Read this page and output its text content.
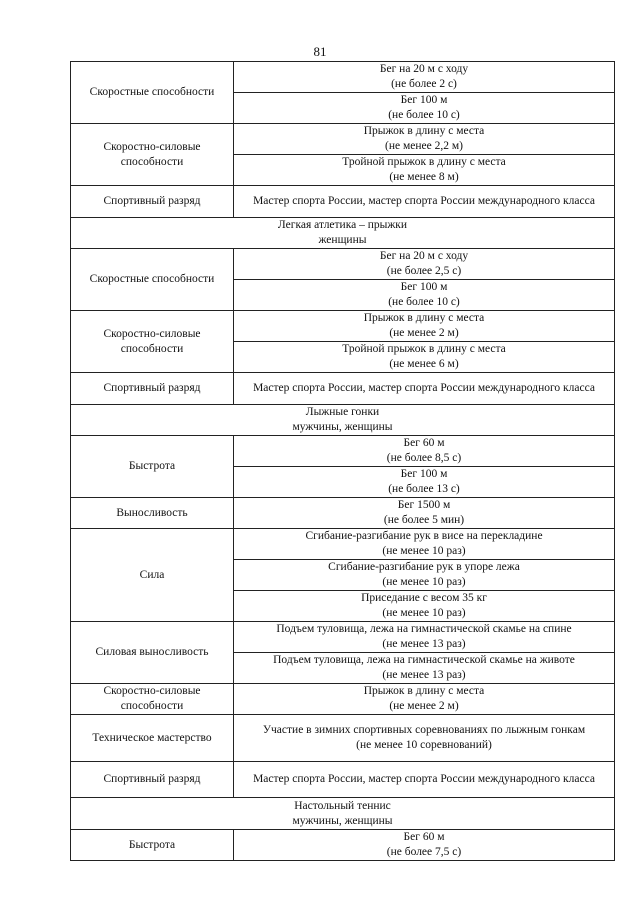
81
Скоростные способности	Бег на 20 м с ходу
(не более 2 с)

	Бег 100 м
(не более 10 с)

Скоростно-силовые способности	Прыжок в длину с места
(не менее 2,2 м)

	Тройной прыжок в длину с места
(не менее 8 м)

Спортивный разряд	Мастер спорта России, мастер спорта России международного класса

Легкая атлетика – прыжки
женщины	

Скоростные способности	Бег на 20 м с ходу
(не более 2,5 с)

	Бег 100 м
(не более 10 с)

Скоростно-силовые способности	Прыжок в длину с места
(не менее 2 м)

	Тройной прыжок в длину с места
(не менее 6 м)

Спортивный разряд	Мастер спорта России, мастер спорта России международного класса

Лыжные гонки
мужчины, женщины	

Быстрота	Бег 60 м
(не более 8,5 с)

	Бег 100 м
(не более 13 с)

Выносливость	Бег 1500 м
(не более 5 мин)

Сила	Сгибание-разгибание рук в висе на перекладине
(не менее 10 раз)

	Сгибание-разгибание рук в упоре лежа
(не менее 10 раз)

	Приседание с весом 35 кг
(не менее 10 раз)

Силовая выносливость	Подъем туловища, лежа на гимнастической скамье на спине
(не менее 13 раз)

	Подъем туловища, лежа на гимнастической скамье на животе
(не менее 13 раз)

Скоростно-силовые способности	Прыжок в длину с места
(не менее 2 м)

Техническое мастерство	Участие в зимних спортивных соревнованиях по лыжным гонкам
(не менее 10 соревнований)

Спортивный разряд	Мастер спорта России, мастер спорта России международного класса

Настольный теннис
мужчины, женщины	

Быстрота	Бег 60 м
(не более 7,5 с)
